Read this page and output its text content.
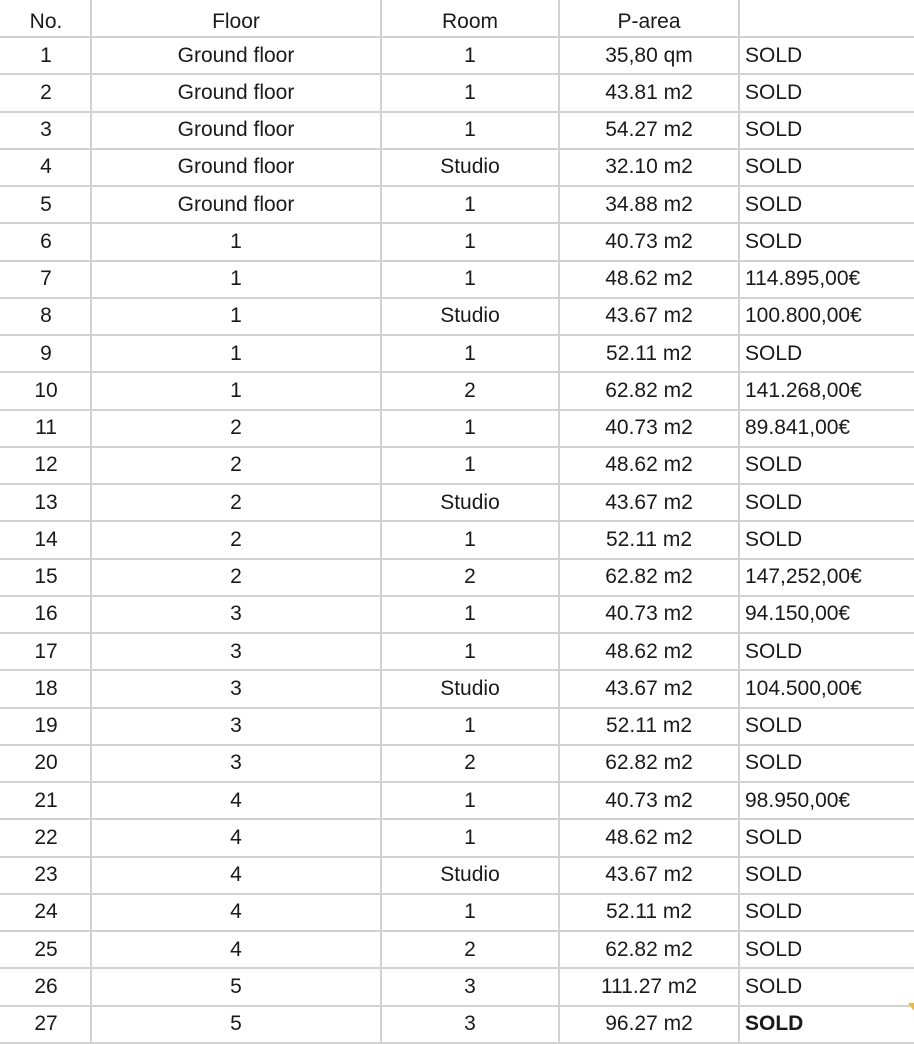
No.	Floor	Room	P-area	
1	Ground floor	1	35,80 qm	SOLD
2	Ground floor	1	43.81 m2	SOLD
3	Ground floor	1	54.27 m2	SOLD
4	Ground floor	Studio	32.10 m2	SOLD
5	Ground floor	1	34.88 m2	SOLD
6	1	1	40.73 m2	SOLD
7	1	1	48.62 m2	114.895,00€
8	1	Studio	43.67 m2	100.800,00€
9	1	1	52.11 m2	SOLD
10	1	2	62.82 m2	141.268,00€
11	2	1	40.73 m2	89.841,00€
12	2	1	48.62 m2	SOLD
13	2	Studio	43.67 m2	SOLD
14	2	1	52.11 m2	SOLD
15	2	2	62.82 m2	147,252,00€
16	3	1	40.73 m2	94.150,00€
17	3	1	48.62 m2	SOLD
18	3	Studio	43.67 m2	104.500,00€
19	3	1	52.11 m2	SOLD
20	3	2	62.82 m2	SOLD
21	4	1	40.73 m2	98.950,00€
22	4	1	48.62 m2	SOLD
23	4	Studio	43.67 m2	SOLD
24	4	1	52.11 m2	SOLD
25	4	2	62.82 m2	SOLD
26	5	3	111.27 m2	SOLD
27	5	3	96.27 m2	SOLD
